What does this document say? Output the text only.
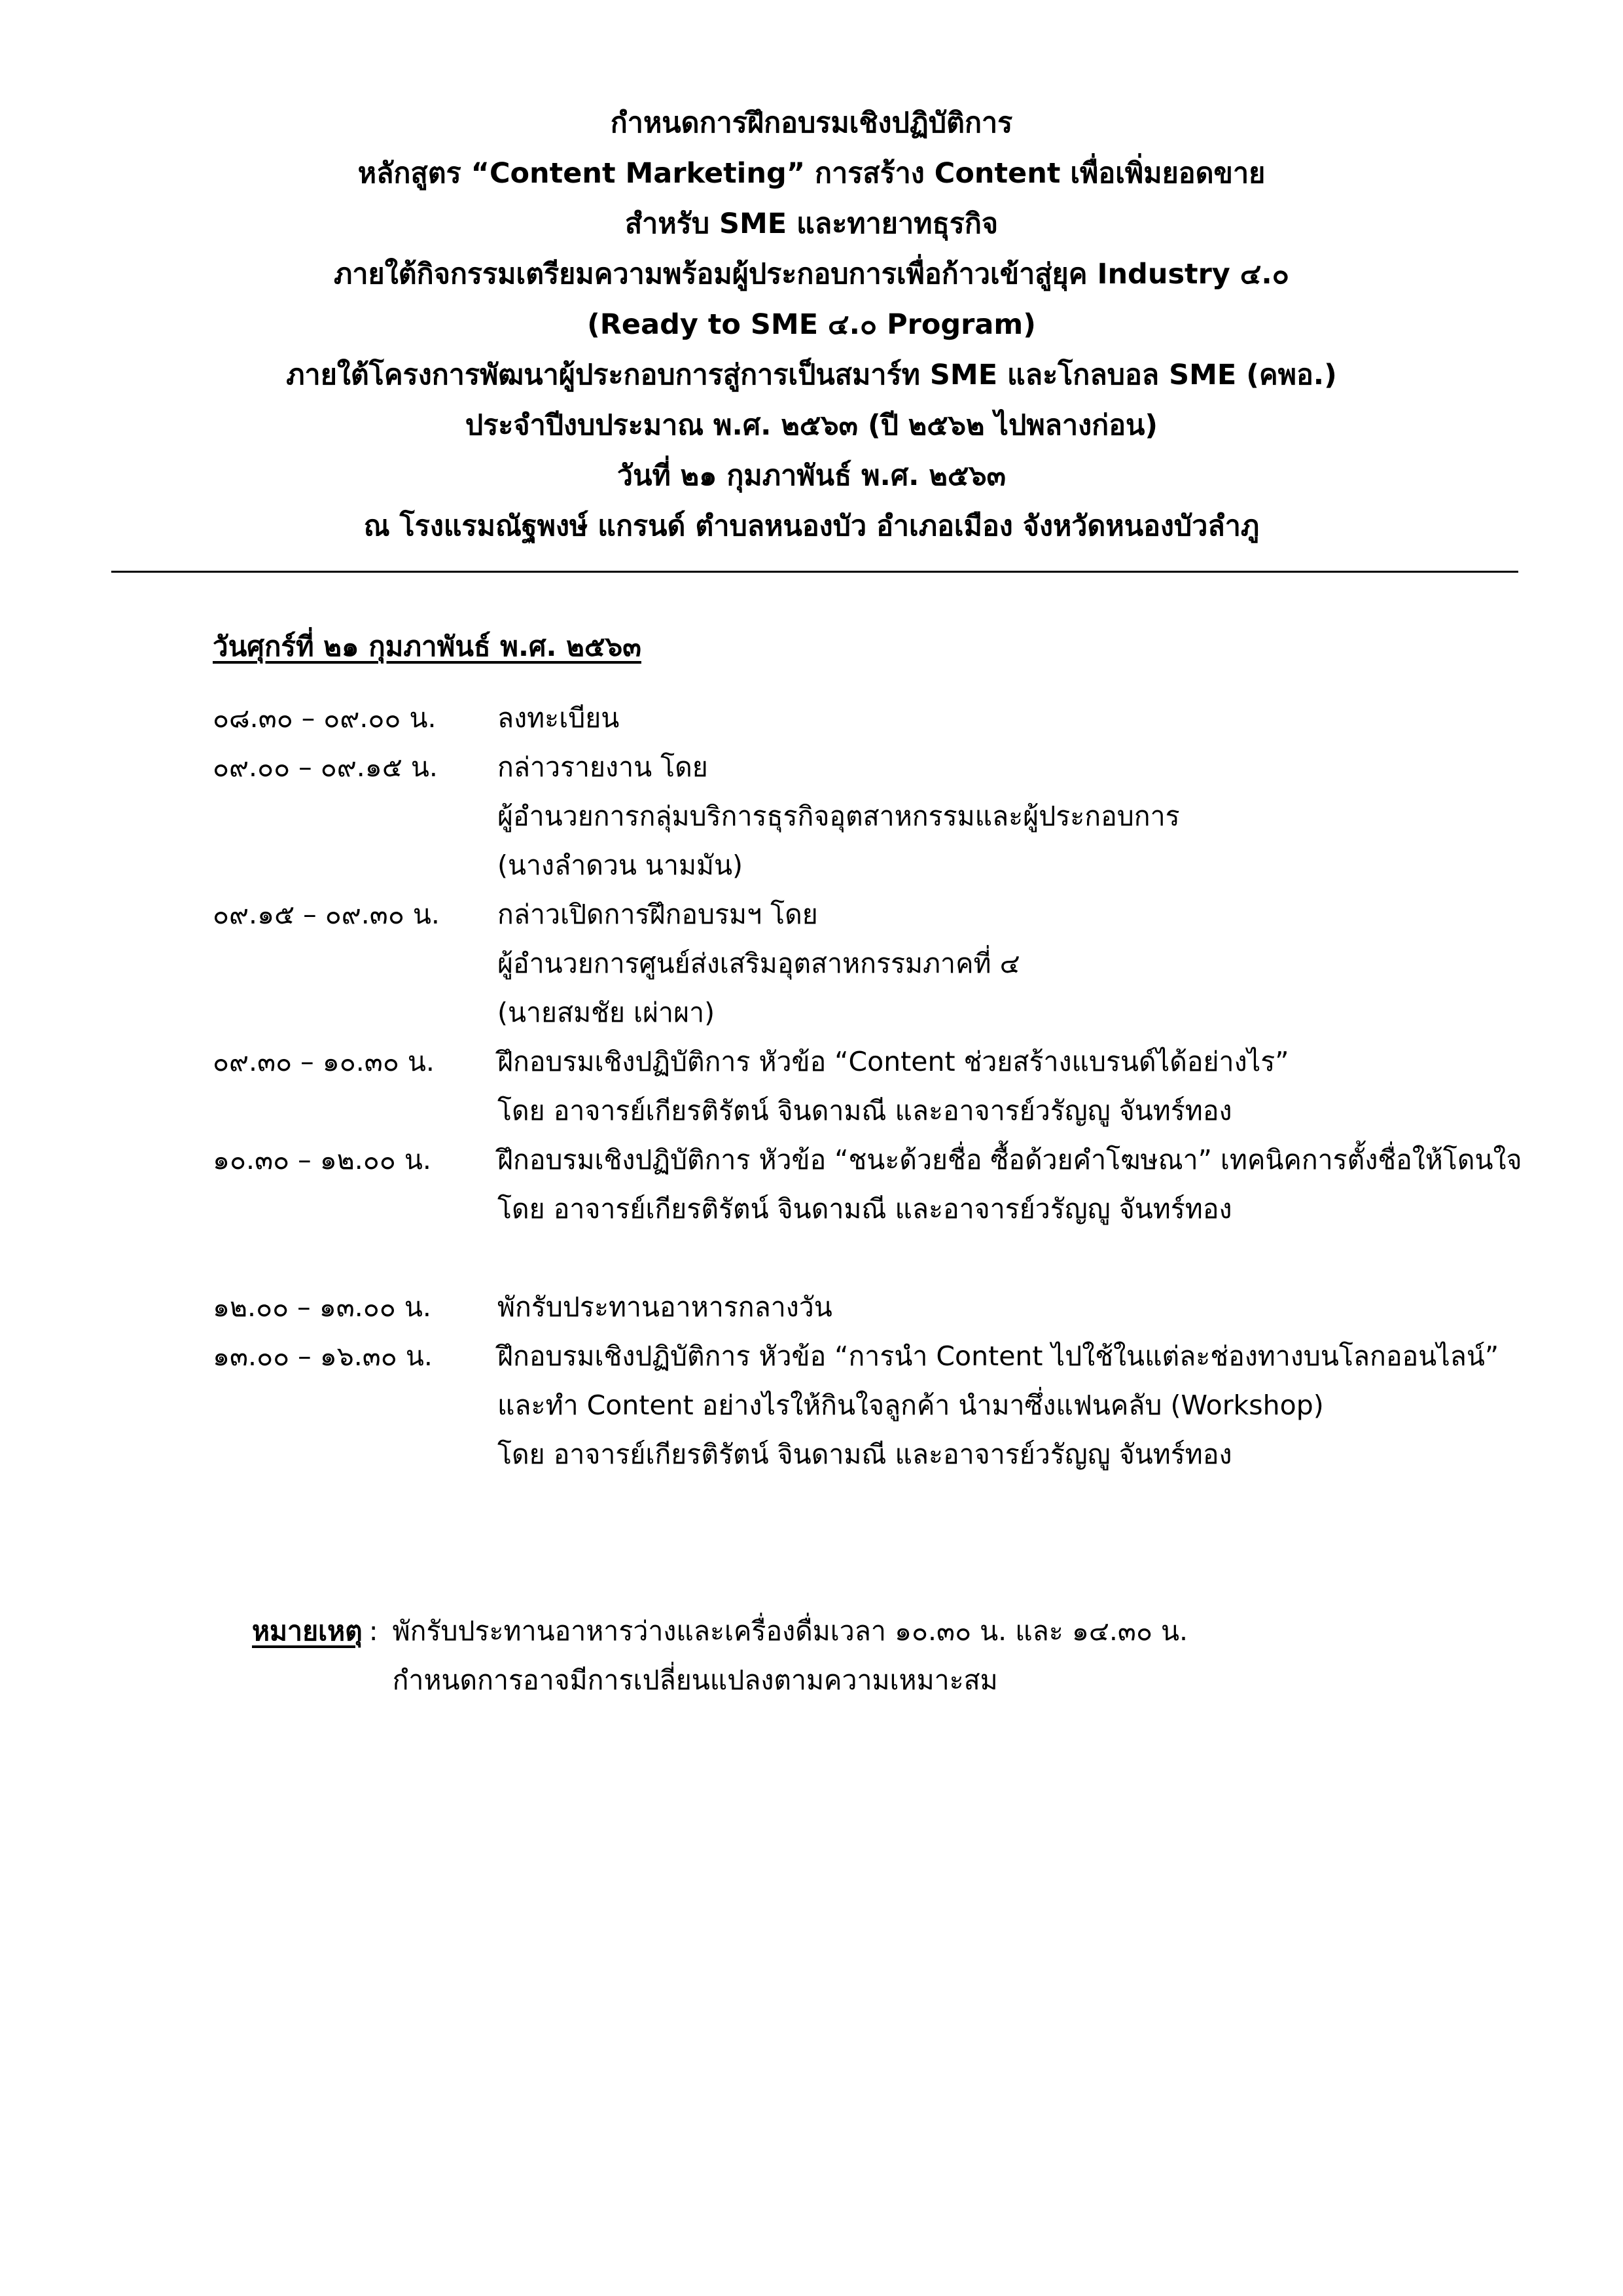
กำหนดการฝึกอบรมเชิงปฏิบัติการ
หลักสูตร “Content Marketing” การสร้าง Content เพื่อเพิ่มยอดขาย
สำหรับ SME และทายาทธุรกิจ
ภายใต้กิจกรรมเตรียมความพร้อมผู้ประกอบการเพื่อก้าวเข้าสู่ยุค Industry ๔.๐
(Ready to SME ๔.๐ Program)
ภายใต้โครงการพัฒนาผู้ประกอบการสู่การเป็นสมาร์ท SME และโกลบอล SME (คพอ.)
ประจำปีงบประมาณ พ.ศ. ๒๕๖๓ (ปี ๒๕๖๒ ไปพลางก่อน)
วันที่ ๒๑ กุมภาพันธ์ พ.ศ. ๒๕๖๓
ณ โรงแรมณัฐพงษ์ แกรนด์ ตำบลหนองบัว อำเภอเมือง จังหวัดหนองบัวลำภู
วันศุกร์ที่ ๒๑ กุมภาพันธ์ พ.ศ. ๒๕๖๓
๐๘.๓๐ – ๐๙.๐๐ น.	ลงทะเบียน
๐๙.๐๐ – ๐๙.๑๕ น.	กล่าวรายงาน โดย
ผู้อำนวยการกลุ่มบริการธุรกิจอุตสาหกรรมและผู้ประกอบการ
(นางลำดวน นามมัน)
๐๙.๑๕ – ๐๙.๓๐ น.	กล่าวเปิดการฝึกอบรมฯ โดย
ผู้อำนวยการศูนย์ส่งเสริมอุตสาหกรรมภาคที่ ๔
(นายสมชัย เผ่าผา)
๐๙.๓๐ – ๑๐.๓๐ น.	ฝึกอบรมเชิงปฏิบัติการ หัวข้อ “Content ช่วยสร้างแบรนด์ได้อย่างไร”
โดย อาจารย์เกียรติรัตน์ จินดามณี และอาจารย์วรัญญู จันทร์ทอง
๑๐.๓๐ – ๑๒.๐๐ น.	ฝึกอบรมเชิงปฏิบัติการ หัวข้อ “ชนะด้วยชื่อ ซื้อด้วยคำโฆษณา” เทคนิคการตั้งชื่อให้โดนใจ
โดย อาจารย์เกียรติรัตน์ จินดามณี และอาจารย์วรัญญู จันทร์ทอง
๑๒.๐๐ – ๑๓.๐๐ น.	พักรับประทานอาหารกลางวัน
๑๓.๐๐ – ๑๖.๓๐ น.	ฝึกอบรมเชิงปฏิบัติการ หัวข้อ “การนำ Content ไปใช้ในแต่ละช่องทางบนโลกออนไลน์”
และทำ Content อย่างไรให้กินใจลูกค้า นำมาซึ่งแฟนคลับ (Workshop)
โดย อาจารย์เกียรติรัตน์ จินดามณี และอาจารย์วรัญญู จันทร์ทอง
หมายเหตุ : พักรับประทานอาหารว่างและเครื่องดื่มเวลา ๑๐.๓๐ น. และ ๑๔.๓๐ น.
กำหนดการอาจมีการเปลี่ยนแปลงตามความเหมาะสม
